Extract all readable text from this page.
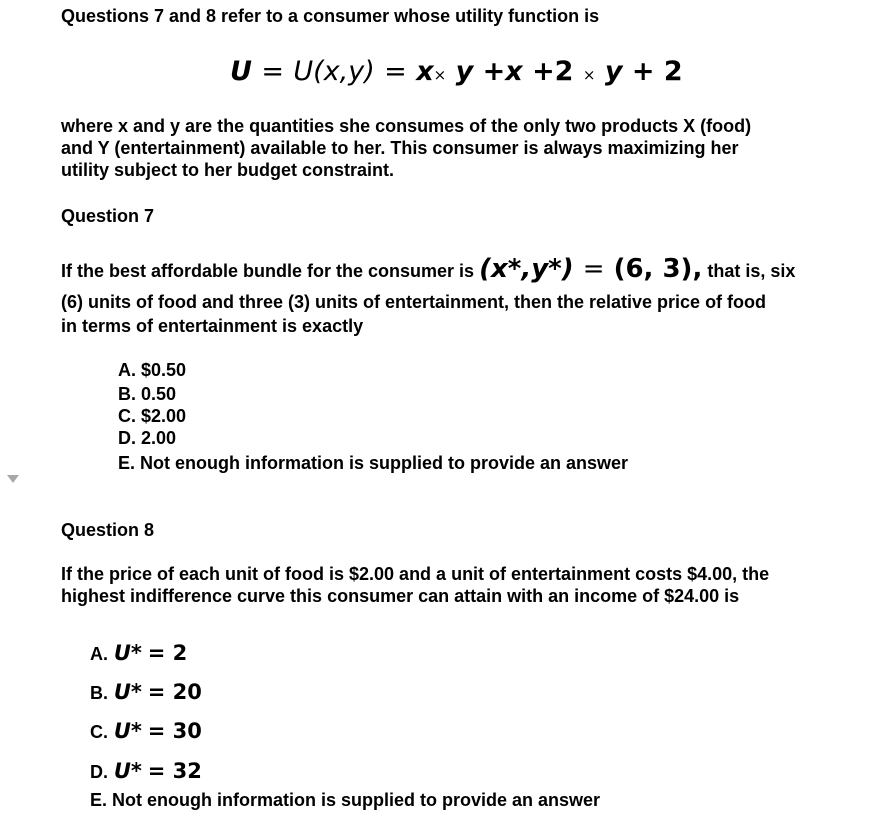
Questions 7 and 8 refer to a consumer whose utility function is
U = U(x,y) = x× y +x +2 × y + 2
where x and y are the quantities she consumes of the only two products X (food)
and Y (entertainment) available to her. This consumer is always maximizing her
utility subject to her budget constraint.
Question 7
If the best affordable bundle for the consumer is (x*,y*) = (6, 3), that is, six
(6) units of food and three (3) units of entertainment, then the relative price of food
in terms of entertainment is exactly
A. $0.50
B. 0.50
C. $2.00
D. 2.00
E. Not enough information is supplied to provide an answer
Question 8
If the price of each unit of food is $2.00 and a unit of entertainment costs $4.00, the
highest indifference curve this consumer can attain with an income of $24.00 is
A. U* = 2
B. U* = 20
C. U* = 30
D. U* = 32
E. Not enough information is supplied to provide an answer
